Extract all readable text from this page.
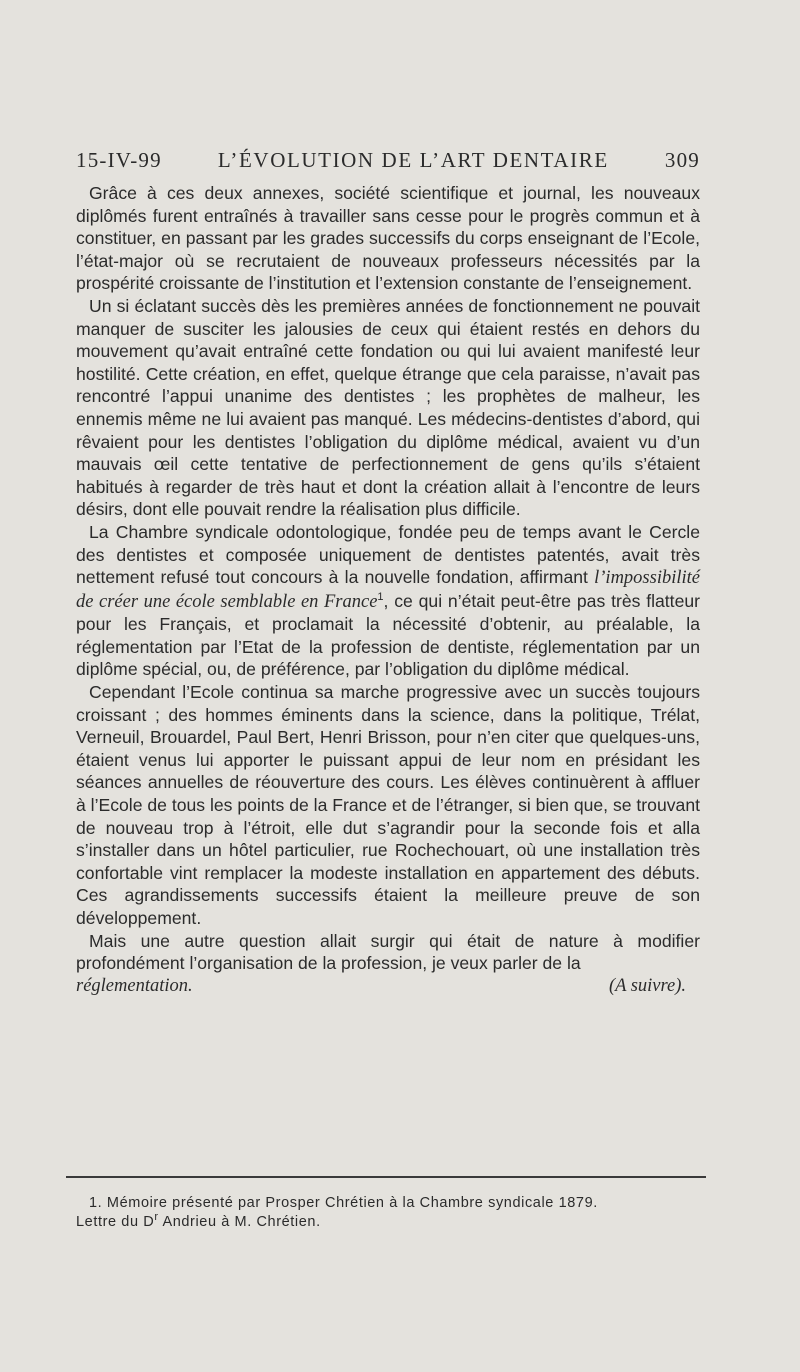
15-IV-99	L’ÉVOLUTION DE L’ART DENTAIRE	309

Grâce à ces deux annexes, société scientifique et journal, les nouveaux diplômés furent entraînés à travailler sans cesse pour le progrès commun et à constituer, en passant par les grades successifs du corps enseignant de l’Ecole, l’état-major où se recrutaient de nouveaux professeurs nécessités par la prospérité croissante de l’institution et l’extension constante de l’enseignement.

Un si éclatant succès dès les premières années de fonctionnement ne pouvait manquer de susciter les jalousies de ceux qui étaient restés en dehors du mouvement qu’avait entraîné cette fondation ou qui lui avaient manifesté leur hostilité. Cette création, en effet, quelque étrange que cela paraisse, n’avait pas rencontré l’appui unanime des dentistes ; les prophètes de malheur, les ennemis même ne lui avaient pas manqué. Les médecins-dentistes d’abord, qui rêvaient pour les dentistes l’obligation du diplôme médical, avaient vu d’un mauvais œil cette tentative de perfectionnement de gens qu’ils s’étaient habitués à regarder de très haut et dont la création allait à l’encontre de leurs désirs, dont elle pouvait rendre la réalisation plus difficile.

La Chambre syndicale odontologique, fondée peu de temps avant le Cercle des dentistes et composée uniquement de dentistes patentés, avait très nettement refusé tout concours à la nouvelle fondation, affirmant l’impossibilité de créer une école semblable en France$^1$, ce qui n’était peut-être pas très flatteur pour les Français, et proclamait la nécessité d’obtenir, au préalable, la réglementation par l’Etat de la profession de dentiste, réglementation par un diplôme spécial, ou, de préférence, par l’obligation du diplôme médical.

Cependant l’Ecole continua sa marche progressive avec un succès toujours croissant ; des hommes éminents dans la science, dans la politique, Trélat, Verneuil, Brouardel, Paul Bert, Henri Brisson, pour n’en citer que quelques-uns, étaient venus lui apporter le puissant appui de leur nom en présidant les séances annuelles de réouverture des cours. Les élèves continuèrent à affluer à l’Ecole de tous les points de la France et de l’étranger, si bien que, se trouvant de nouveau trop à l’étroit, elle dut s’agrandir pour la seconde fois et alla s’installer dans un hôtel particulier, rue Rochechouart, où une installation très confortable vint remplacer la modeste installation en appartement des débuts. Ces agrandissements successifs étaient la meilleure preuve de son développement.

Mais une autre question allait surgir qui était de nature à modifier profondément l’organisation de la profession, je veux parler de la

réglementation.	(A suivre).

1. Mémoire présenté par Prosper Chrétien à la Chambre syndicale 1879.

Lettre du $D^r$ Andrieu à M. Chrétien.
